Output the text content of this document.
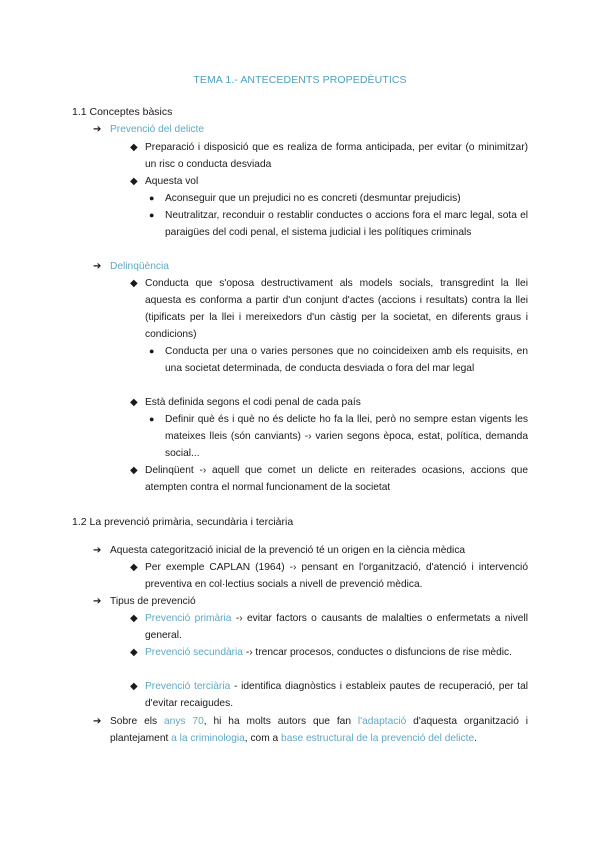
TEMA 1.- ANTECEDENTS PROPEDÈUTICS
1.1 Conceptes bàsics
➔ Prevenció del delicte
◆ Preparació i disposició que es realiza de forma anticipada, per evitar (o minimitzar) un risc o conducta desviada
◆ Aquesta vol
● Aconseguir que un prejudici no es concreti (desmuntar prejudicis)
● Neutralitzar, reconduir o restablir conductes o accions fora el marc legal, sota el paraigües del codi penal, el sistema judicial i les polítiques criminals
➔ Delinqüència
◆ Conducta que s'oposa destructivament als models socials, transgredint la llei aquesta es conforma a partir d'un conjunt d'actes (accions i resultats) contra la llei (tipificats per la llei i mereixedors d'un càstig per la societat, en diferents graus i condicions)
● Conducta per una o varies persones que no coincideixen amb els requisits, en una societat determinada, de conducta desviada o fora del mar legal
◆ Està definida segons el codi penal de cada país
● Definir què és i què no és delicte ho fa la llei, però no sempre estan vigents les mateixes lleis (són canviants) -› varien segons època, estat, política, demanda social...
◆ Delinqüent -› aquell que comet un delicte en reiterades ocasions, accions que atempten contra el normal funcionament de la societat
1.2 La prevenció primària, secundària i terciària
➔ Aquesta categorització inicial de la prevenció té un origen en la ciència mèdica
◆ Per exemple CAPLAN (1964) -› pensant en l'organització, d'atenció i intervenció preventiva en col·lectius socials a nivell de prevenció mèdica.
➔ Tipus de prevenció
◆ Prevenció primària -› evitar factors o causants de malalties o enfermetats a nivell general.
◆ Prevenció secundària -› trencar procesos, conductes o disfuncions de rise mèdic.
◆ Prevenció terciària - identifica diagnòstics i estableix pautes de recuperació, per tal d'evitar recaigudes.
➔ Sobre els anys 70, hi ha molts autors que fan l'adaptació d'aquesta organització i plantejament a la criminologia, com a base estructural de la prevenció del delicte.
